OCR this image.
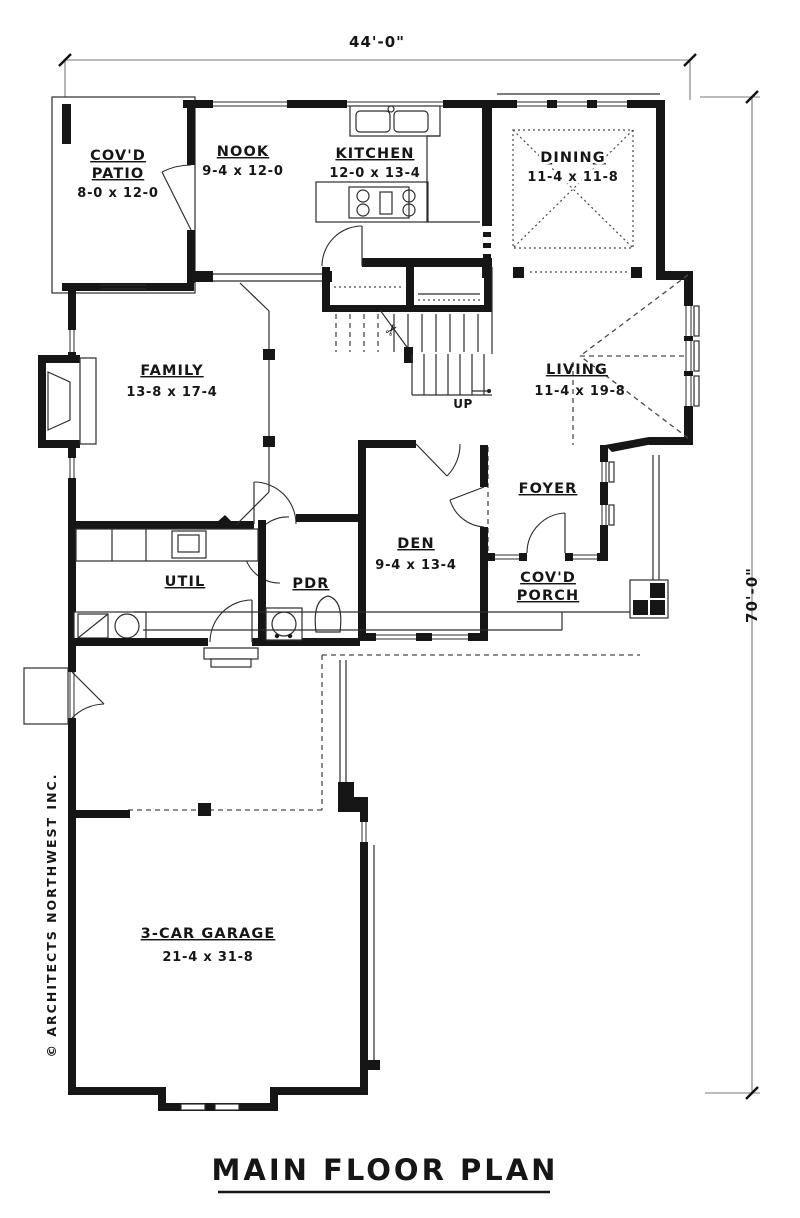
44'-0"
70'-0"
COV'D
PATIO
8-0 x 12-0
NOOK
9-4 x 12-0
KITCHEN
12-0 x 13-4
DINING
11-4 x 11-8
FAMILY
13-8 x 17-4
✂
UP
LIVING
11-4 x 19-8
FOYER
DEN
9-4 x 13-4
UTIL	PDR	COV'D
PORCH
3-CAR GARAGE
21-4 x 31-8
© ARCHITECTS NORTHWEST INC.
MAIN FLOOR PLAN
